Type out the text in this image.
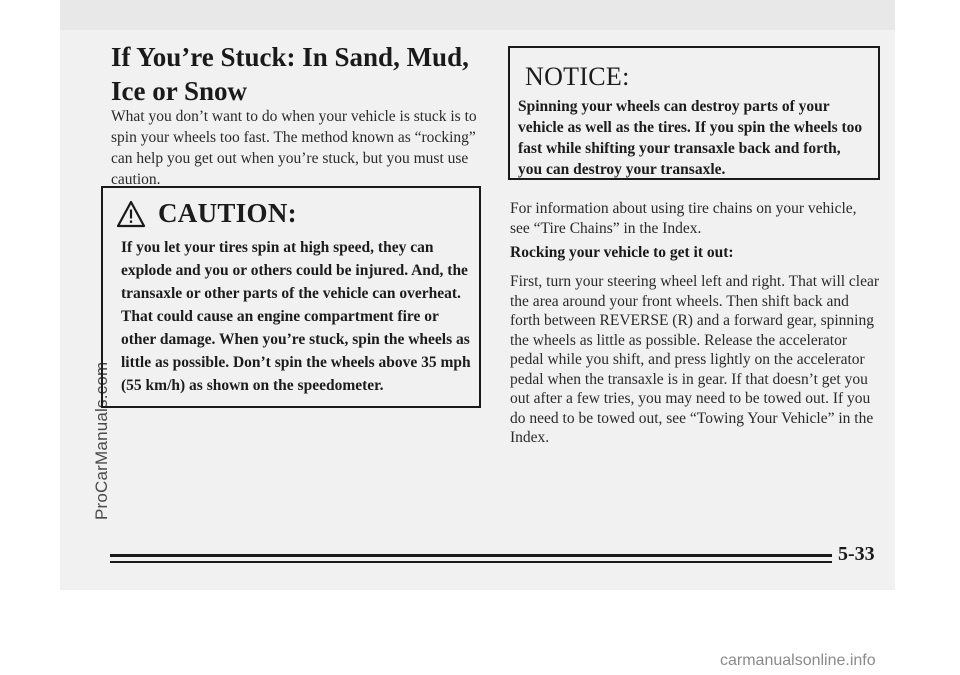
ProCarManuals.com
If You’re Stuck: In Sand, Mud, Ice or Snow

What you don’t want to do when your vehicle is stuck is to spin your wheels too fast. The method known as “rocking” can help you get out when you’re stuck, but you must use caution.

CAUTION:

If you let your tires spin at high speed, they can explode and you or others could be injured. And, the transaxle or other parts of the vehicle can overheat. That could cause an engine compartment fire or other damage. When you’re stuck, spin the wheels as little as possible. Don’t spin the wheels above 35 mph (55 km/h) as shown on the speedometer.

NOTICE:

Spinning your wheels can destroy parts of your vehicle as well as the tires. If you spin the wheels too fast while shifting your transaxle back and forth, you can destroy your transaxle.

For information about using tire chains on your vehicle, see “Tire Chains” in the Index.

Rocking your vehicle to get it out:

First, turn your steering wheel left and right. That will clear the area around your front wheels. Then shift back and forth between REVERSE (R) and a forward gear, spinning the wheels as little as possible. Release the accelerator pedal while you shift, and press lightly on the accelerator pedal when the transaxle is in gear. If that doesn’t get you out after a few tries, you may need to be towed out. If you do need to be towed out, see “Towing Your Vehicle” in the Index.

5-33
carmanualsonline.info
